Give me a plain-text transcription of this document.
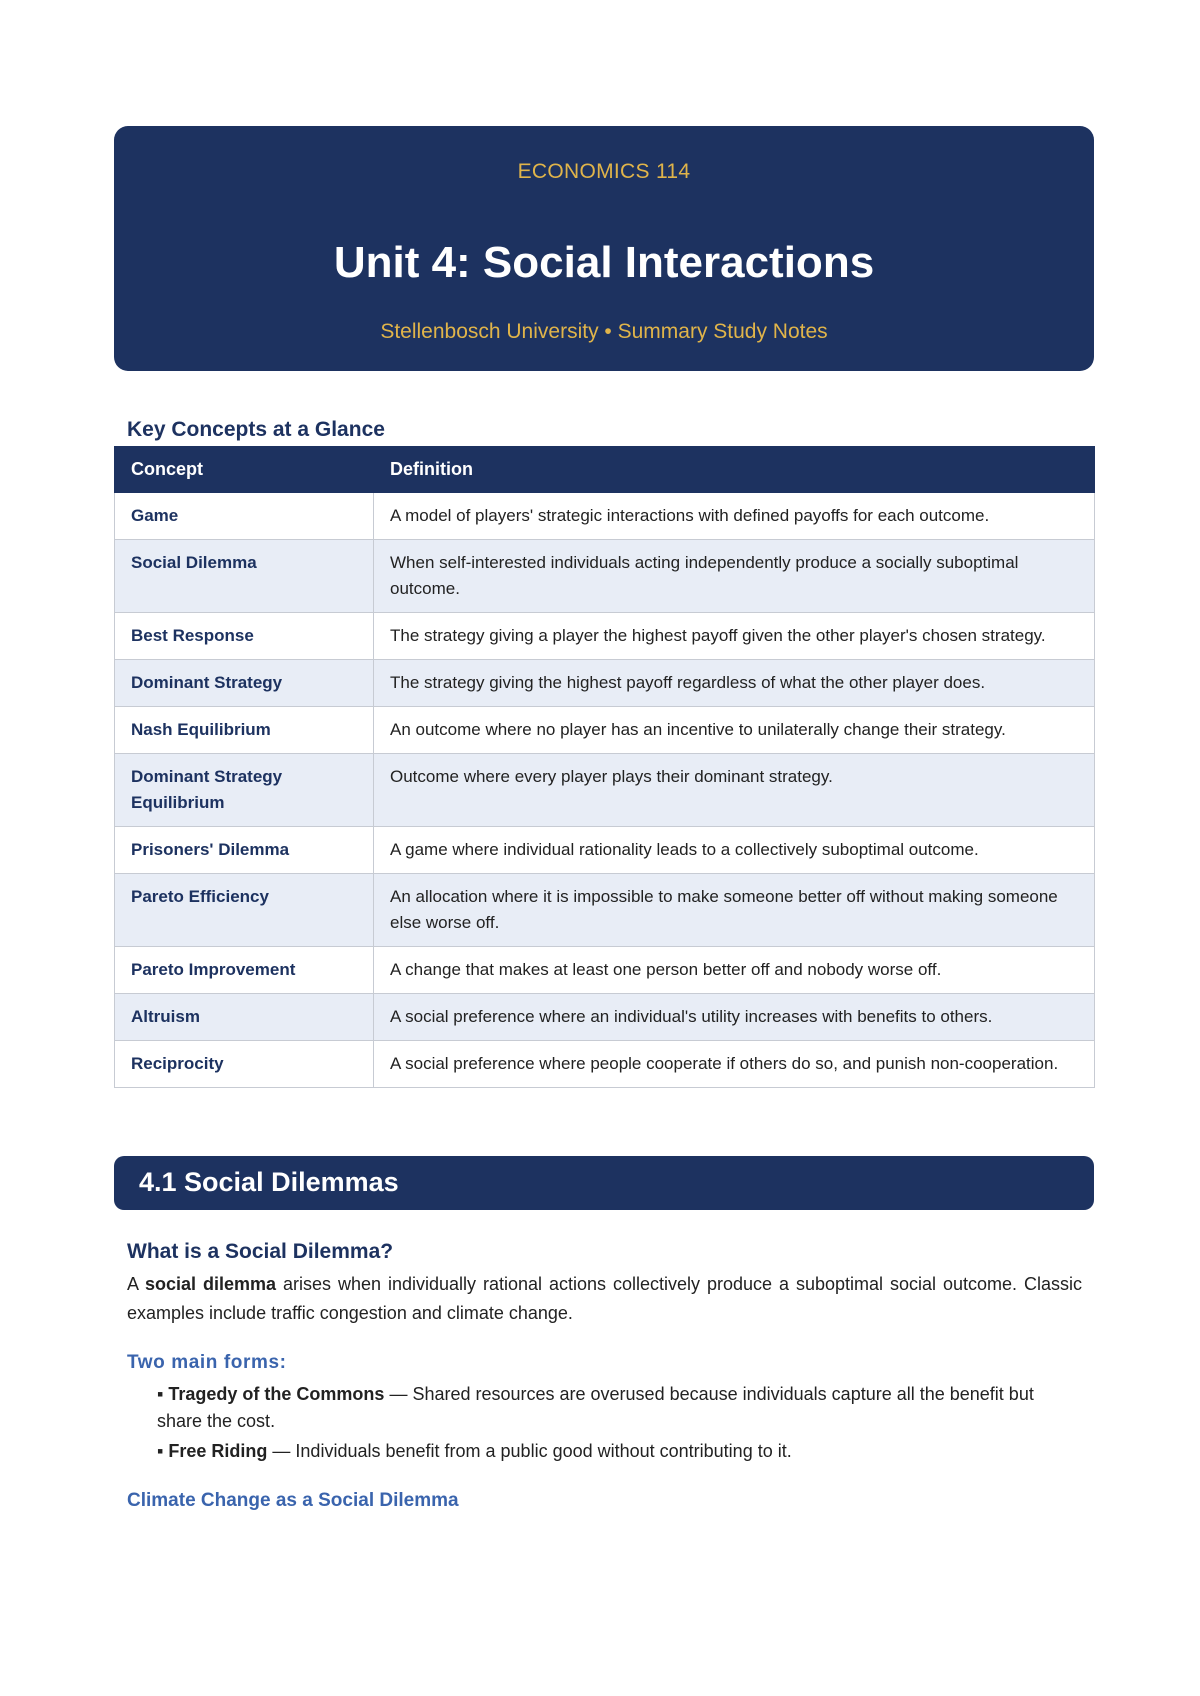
ECONOMICS 114
Unit 4: Social Interactions
Stellenbosch University • Summary Study Notes
Key Concepts at a Glance
Concept	Definition
Game	A model of players' strategic interactions with defined payoffs for each outcome.
Social Dilemma	When self-interested individuals acting independently produce a socially suboptimal outcome.
Best Response	The strategy giving a player the highest payoff given the other player's chosen strategy.
Dominant Strategy	The strategy giving the highest payoff regardless of what the other player does.
Nash Equilibrium	An outcome where no player has an incentive to unilaterally change their strategy.
Dominant Strategy Equilibrium	Outcome where every player plays their dominant strategy.
Prisoners' Dilemma	A game where individual rationality leads to a collectively suboptimal outcome.
Pareto Efficiency	An allocation where it is impossible to make someone better off without making someone else worse off.
Pareto Improvement	A change that makes at least one person better off and nobody worse off.
Altruism	A social preference where an individual's utility increases with benefits to others.
Reciprocity	A social preference where people cooperate if others do so, and punish non-cooperation.
4.1 Social Dilemmas
What is a Social Dilemma?
A social dilemma arises when individually rational actions collectively produce a suboptimal social outcome. Classic examples include traffic congestion and climate change.
Two main forms:
▪ Tragedy of the Commons — Shared resources are overused because individuals capture all the benefit but share the cost.
▪ Free Riding — Individuals benefit from a public good without contributing to it.
Climate Change as a Social Dilemma
